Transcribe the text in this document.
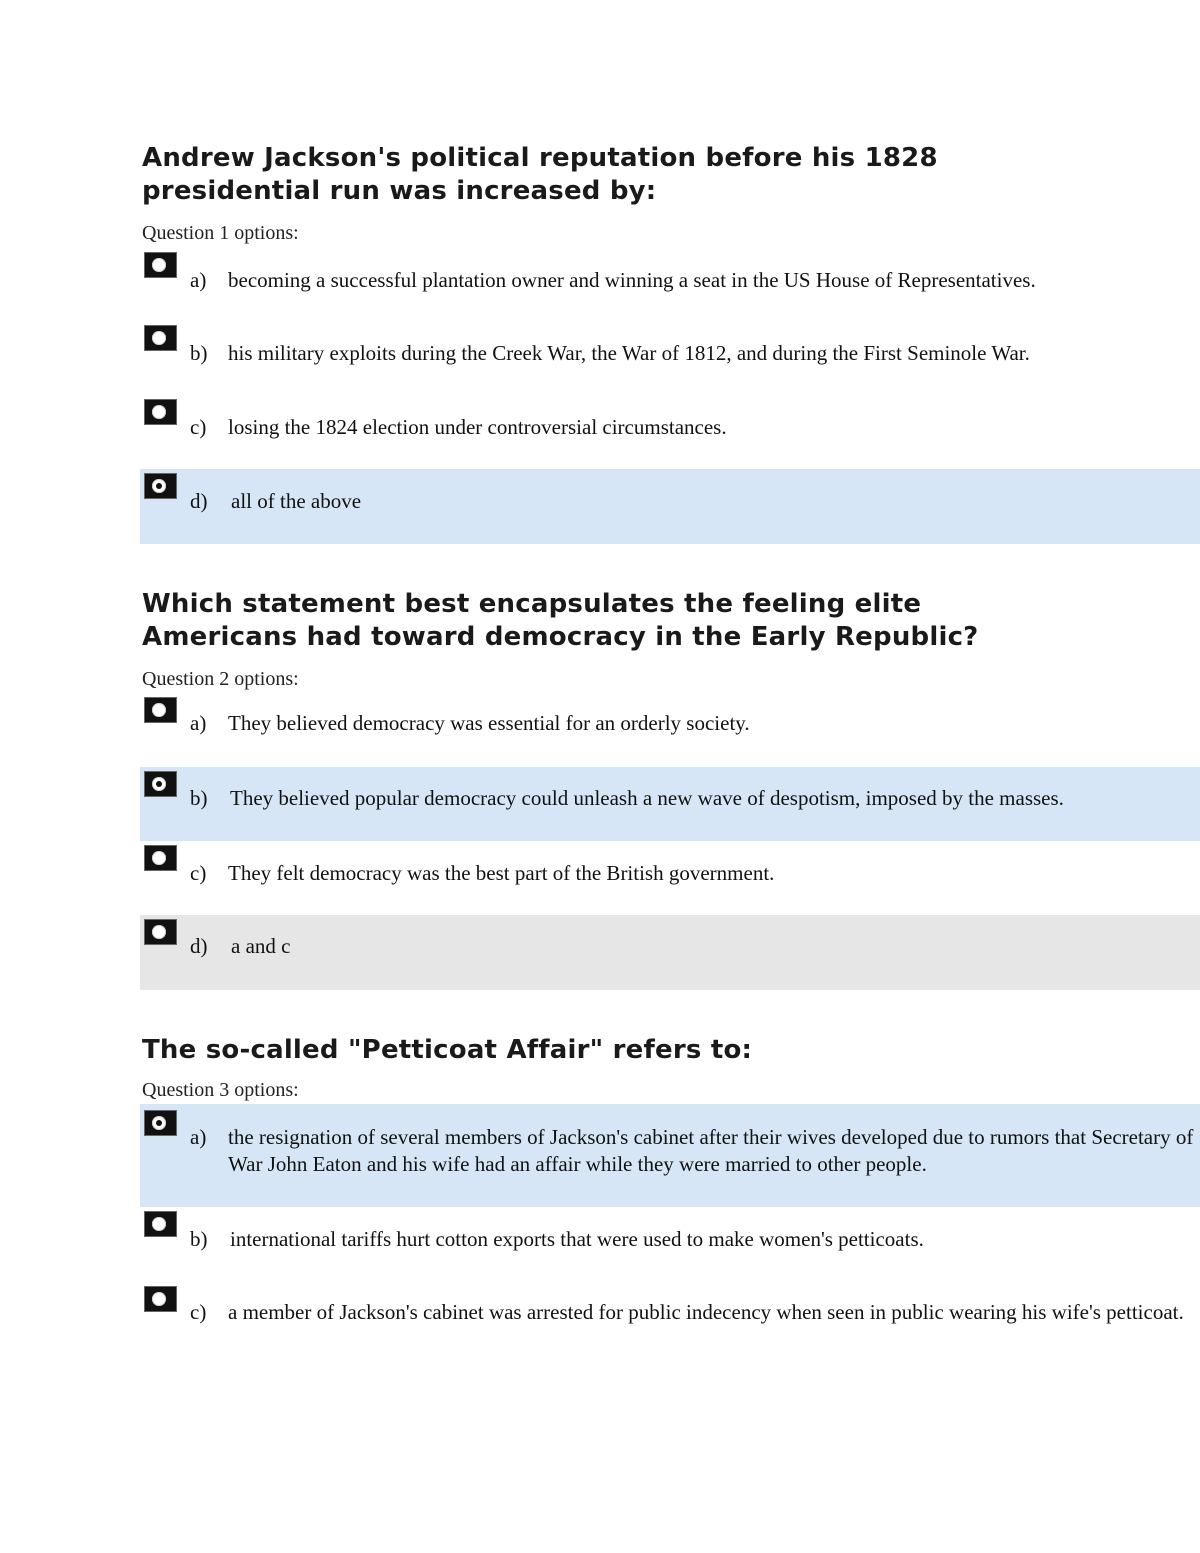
Andrew Jackson's political reputation before his 1828 presidential run was increased by:
Question 1 options:
a) becoming a successful plantation owner and winning a seat in the US House of Representatives.
b) his military exploits during the Creek War, the War of 1812, and during the First Seminole War.
c) losing the 1824 election under controversial circumstances.
d) all of the above
Which statement best encapsulates the feeling elite Americans had toward democracy in the Early Republic?
Question 2 options:
a) They believed democracy was essential for an orderly society.
b) They believed popular democracy could unleash a new wave of despotism, imposed by the masses.
c) They felt democracy was the best part of the British government.
d) a and c
The so-called "Petticoat Affair" refers to:
Question 3 options:
a) the resignation of several members of Jackson's cabinet after their wives developed due to rumors that Secretary of War John Eaton and his wife had an affair while they were married to other people.
b) international tariffs hurt cotton exports that were used to make women's petticoats.
c) a member of Jackson's cabinet was arrested for public indecency when seen in public wearing his wife's petticoat.
